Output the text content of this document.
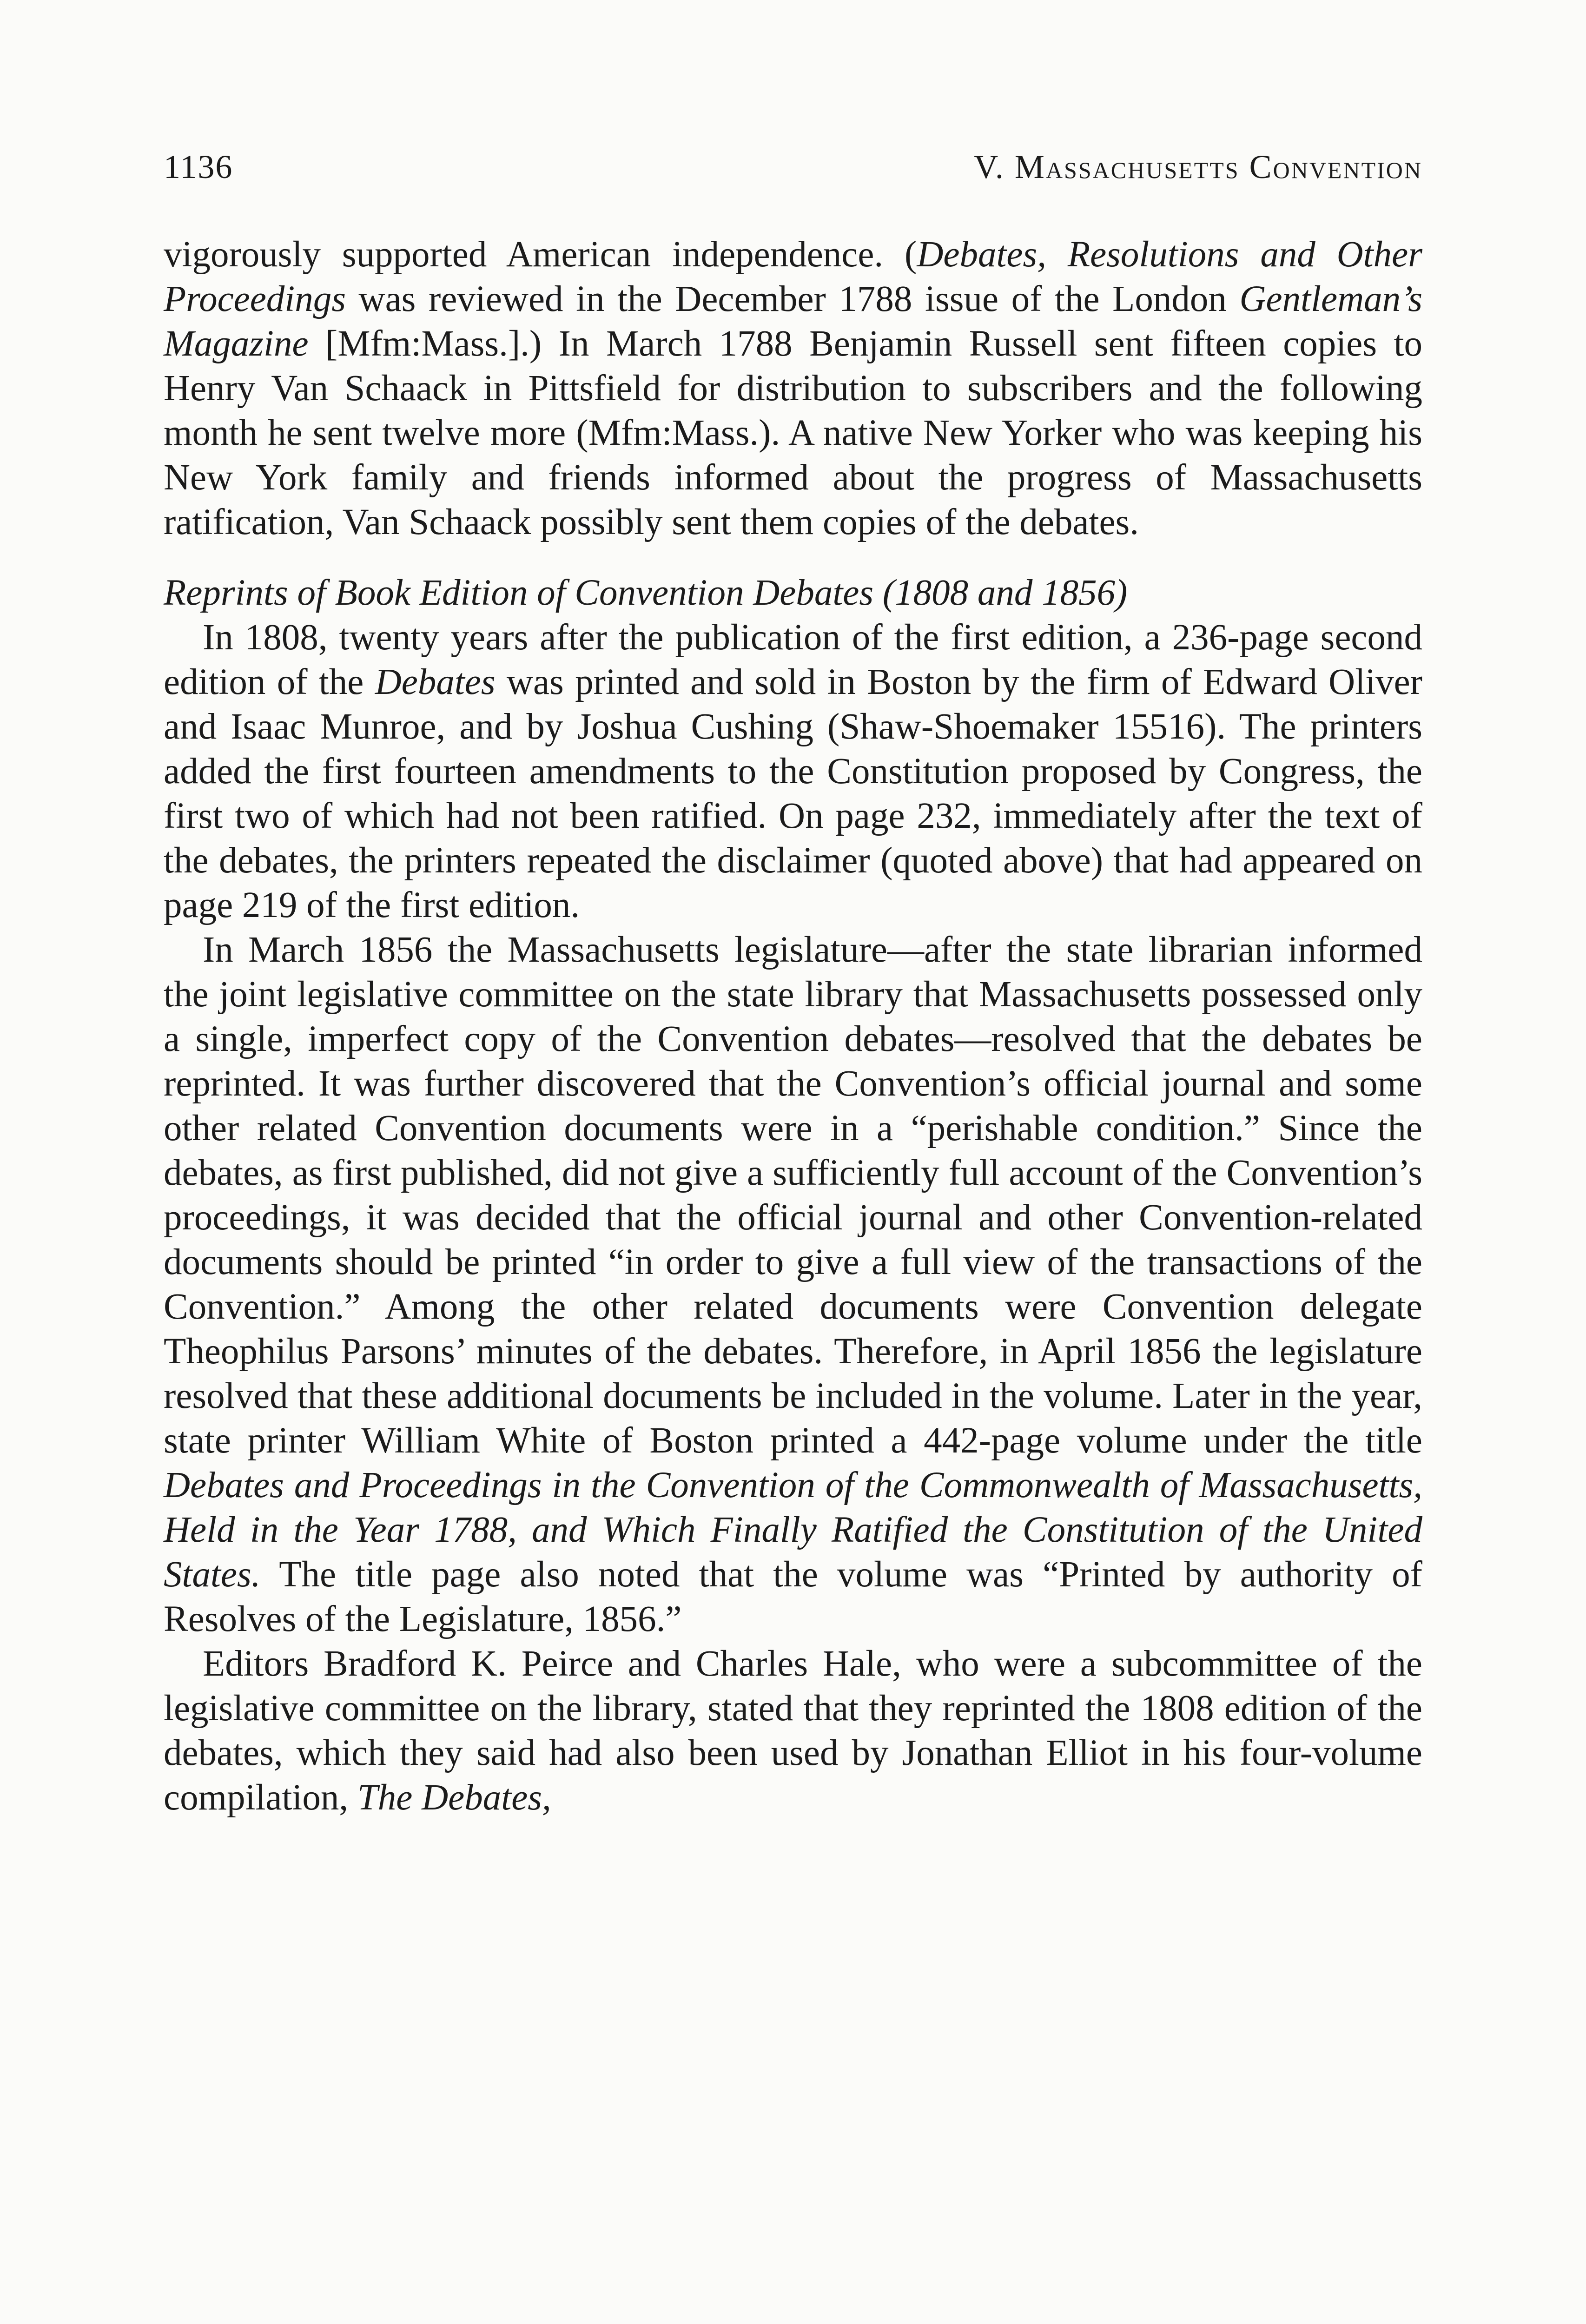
1136	V. Massachusetts Convention

vigorously supported American independence. (Debates, Resolutions and Other Proceedings was reviewed in the December 1788 issue of the London Gentleman’s Magazine [Mfm:Mass.].) In March 1788 Benjamin Russell sent fifteen copies to Henry Van Schaack in Pittsfield for distribution to subscribers and the following month he sent twelve more (Mfm:Mass.). A native New Yorker who was keeping his New York family and friends informed about the progress of Massachusetts ratification, Van Schaack possibly sent them copies of the debates.

Reprints of Book Edition of Convention Debates (1808 and 1856)

In 1808, twenty years after the publication of the first edition, a 236-page second edition of the Debates was printed and sold in Boston by the firm of Edward Oliver and Isaac Munroe, and by Joshua Cushing (Shaw-Shoemaker 15516). The printers added the first fourteen amendments to the Constitution proposed by Congress, the first two of which had not been ratified. On page 232, immediately after the text of the debates, the printers repeated the disclaimer (quoted above) that had appeared on page 219 of the first edition.

In March 1856 the Massachusetts legislature—after the state librarian informed the joint legislative committee on the state library that Massachusetts possessed only a single, imperfect copy of the Convention debates—resolved that the debates be reprinted. It was further discovered that the Convention’s official journal and some other related Convention documents were in a “perishable condition.” Since the debates, as first published, did not give a sufficiently full account of the Convention’s proceedings, it was decided that the official journal and other Convention-related documents should be printed “in order to give a full view of the transactions of the Convention.” Among the other related documents were Convention delegate Theophilus Parsons’ minutes of the debates. Therefore, in April 1856 the legislature resolved that these additional documents be included in the volume. Later in the year, state printer William White of Boston printed a 442-page volume under the title Debates and Proceedings in the Convention of the Commonwealth of Massachusetts, Held in the Year 1788, and Which Finally Ratified the Constitution of the United States. The title page also noted that the volume was “Printed by authority of Resolves of the Legislature, 1856.”

Editors Bradford K. Peirce and Charles Hale, who were a subcommittee of the legislative committee on the library, stated that they reprinted the 1808 edition of the debates, which they said had also been used by Jonathan Elliot in his four-volume compilation, The Debates,
